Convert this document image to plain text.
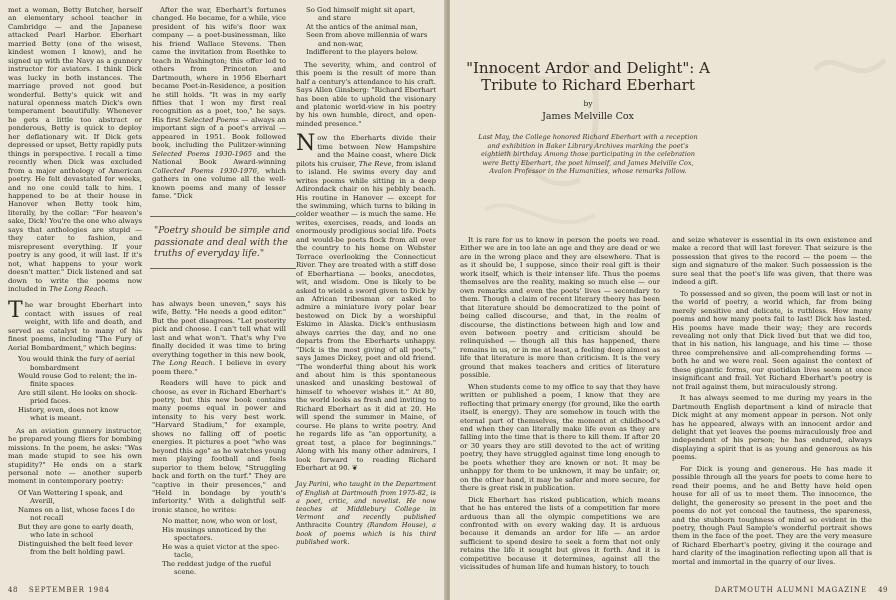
met a woman, Betty Butcher, herself an elementary school teacher in Cambridge — and the Japanese attacked Pearl Harbor. Eberhart married Betty (one of the wisest, kindest women I know), and he signed up with the Navy as a gunnery instructor for aviators. I think Dick was lucky in both instances. The marriage proved not good but wonderful. Betty's quick wit and natural openness match Dick's own temperament beautifully. Whenever he gets a little too abstract or ponderous, Betty is quick to deploy her deflationary wit. If Dick gets depressed or upset, Betty rapidly puts things in perspective. I recall a time recently when Dick was excluded from a major anthology of American poetry. He felt devastated for weeks, and no one could talk to him. I happened to be at their house in Hanover when Betty took him, literally, by the collar: "For heaven's sake, Dick! You're the one who always says that anthologies are stupid — they cater to fashion, and misrepresent everything. If your poetry is any good, it will last. If it's not, what happens to your work doesn't matter." Dick listened and sat down to write the poems now included in The Long Reach.

The war brought Eberhart into contact with issues of real weight, with life and death, and served as catalyst to many of his finest poems, including "The Fury of Aerial Bombardment," which begins:

You would think the fury of aerial
bombardment
Would rouse God to relent; the in-
finite spaces
Are still silent. He looks on shock-
pried faces.
History, even, does not know
what is meant.

As an aviation gunnery instructor, he prepared young fliers for bombing missions. In the poem, he asks: "Was man made stupid to see his own stupidity?" He ends on a stark personal note — another superb moment in contemporary poetry:

Of Van Wettering I speak, and
Averill,
Names on a list, whose faces I do
not recall
But they are gone to early death,
who late in school
Distinguished the belt feed lever
from the belt holding pawl.

After the war, Eberhart's fortunes changed. He became, for a while, vice president of his wife's floor wax company — a poet-businessman, like his friend Wallace Stevens. Then came the invitation from Roethke to teach in Washington; this offer led to others from Princeton and Dartmouth, where in 1956 Eberhart became Poet-in-Residence, a position he still holds. "It was in my early fifties that I won my first real recognition as a poet, too," he says. His first Selected Poems — always an important sign of a poet's arrival — appeared in 1951. Book followed book, including the Pulitzer-winning Selected Poems 1930-1965 and the National Book Award-winning Collected Poems 1930-1976, which gathers in one volume all the well-known poems and many of lesser fame. "Dick

"Poetry should be simple and passionate and deal with the truths of everyday life."

has always been uneven," says his wife, Betty. "He needs a good editor." But the poet disagrees. "Let posterity pick and choose. I can't tell what will last and what won't. That's why I've finally decided it was time to bring everything together in this new book, The Long Reach. I believe in every poem there."

Readers will have to pick and choose, as ever in Richard Eberhart's poetry, but this new book contains many poems equal in power and intensity to his very best work. "Harvard Stadium," for example, shows no falling off of poetic energies. It pictures a poet "who was beyond this age" as he watches young men playing football and feels superior to them below, "Struggling back and forth on the turf." They are "captive in their presences," and "Held in bondage by youth's inferiority." With a delightful self-ironic stance, he writes:

No matter, now, who won or lost,
His musings unnoticed by the
spectators.
He was a quiet victor at the spec-
tacle,
The reddest judge of the rueful
scene.
So God himself might sit apart,
and stare
At the antics of the animal man,
Seen from above millennia of wars
and non-war,
Indifferent to the players below.

The severity, whim, and control of this poem is the result of more than half a century's attendance to his craft. Says Allen Ginsberg: "Richard Eberhart has been able to uphold the visionary and platonic world-view in his poetry by his own humble, direct, and open-minded presence."

Now the Eberharts divide their time between New Hampshire and the Maine coast, where Dick pilots his cruiser, The Reve, from island to island. He swims every day and writes poems while sitting in a deep Adirondack chair on his pebbly beach. His routine in Hanover — except for the swimming, which turns to biking in colder weather — is much the same. He writes, exercises, reads, and loads an enormously prodigious social life. Poets and would-be poets flock from all over the country to his home on Webster Terrace overlooking the Connecticut River. They are treated with a stiff dose of Eberhartiana — books, anecdotes, wit, and wisdom. One is likely to be asked to wield a sword given to Dick by an African tribesman or asked to admire a miniature ivory polar bear bestowed on Dick by a worshipful Eskimo in Alaska. Dick's enthusiasm always carries the day, and no one departs from the Eberharts unhappy. "Dick is the most giving of all poets," says James Dickey, poet and old friend. "The wonderful thing about his work and about him is this spontaneous unasked and unasking bestowal of himself to whoever wishes it." At 80, the world looks as fresh and inviting to Richard Eberhart as it did at 20. He will spend the summer in Maine, of course. He plans to write poetry. And he regards life as "an opportunity, a great test, a place for beginnings." Along with his many other admirers, I look forward to reading Richard Eberhart at 90. ❦

Jay Parini, who taught in the Department of English at Dartmouth from 1975-82, is a poet, critic, and novelist. He now teaches at Middlebury College in Vermont and recently published Anthracite Country (Random House), a book of poems which is his third published work.

48 SEPTEMBER 1984
"Innocent Ardor and Delight": A Tribute to Richard Eberhart
by
James Melville Cox
Last May, the College honored Richard Eberhart with a reception and exhibition in Baker Library Archives marking the poet's eightieth birthday. Among those participating in the celebration were Betty Eberhart, the poet himself, and James Melville Cox, Avalon Professor in the Humanities, whose remarks follow.

It is rare for us to know in person the poets we read. Either we are in too late an age and they are dead or we are in the wrong place and they are elsewhere. That is as it should be, I suppose, since their real gift is their work itself, which is their intenser life. Thus the poems themselves are the reality, making so much else — our own remarks and even the poets' lives — secondary to them. Though a claim of recent literary theory has been that literature should be democratized to the point of being called discourse, and that, in the realm of discourse, the distinctions between high and low and even between poetry and criticism should be relinquished — though all this has happened, there remains in us, or in me at least, a feeling deep almost as life that literature is more than criticism. It is the very ground that makes teachers and critics of literature possible.

When students come to my office to say that they have written or published a poem, I know that they are reflecting that primary energy (for ground, like the earth itself, is energy). They are somehow in touch with the eternal part of themselves, the moment at childhood's end when they can literally make life even as they are falling into the time that is there to kill them. If after 20 or 30 years they are still devoted to the act of writing poetry, they have struggled against time long enough to be poets whether they are known or not. It may be unhappy for them to be unknown, it may be unfair; or, on the other hand, it may be safer and more secure, for there is great risk in publication.

Dick Eberhart has risked publication, which means that he has entered the lists of a competition far more arduous than all the olympic competitions we are confronted with on every waking day. It is arduous because it demands an ardor for life — an ardor sufficient to spend desire to seek a form that not only retains the life it sought but gives it forth. And it is competitive because it determines, against all the vicissitudes of human life and human history, to touch

and seize whatever is essential in its own existence and make a record that will last forever. That seizure is the possession that gives to the record — the poem — the sign and signature of the maker. Such possession is the sure seal that the poet's life was given, that there was indeed a gift.

To possessed and so given, the poem will last or not in the world of poetry, a world which, far from being merely sensitive and delicate, is ruthless. How many poems and how many poets fail to last! Dick has lasted. His poems have made their way; they are records revealing not only that Dick lived but that we did too, that in his nation, his language, and his time — those three comprehensive and all-comprehending forms — both he and we were real. Seen against the context of these gigantic forms, our quotidian lives seem at once insignificant and frail. Yet Richard Eberhart's poetry is not frail against them, but miraculously strong.

It has always seemed to me during my years in the Dartmouth English department a kind of miracle that Dick might at any moment appear in person. Not only has he appeared, always with an innocent ardor and delight that yet leaves the poems miraculously free and independent of his person; he has endured, always displaying a spirit that is as young and generous as his poems.

For Dick is young and generous. He has made it possible through all the years for poets to come here to read their poems, and he and Betty have held open house for all of us to meet them. The innocence, the delight, the generosity so present in the poet and the poems do not yet conceal the tautness, the spareness, and the stubborn toughness of mind so evident in the poetry, though Paul Sample's wonderful portrait shows them in the face of the poet. They are the very measure of Richard Eberhart's poetry, giving it the courage and hard clarity of the imagination reflecting upon all that is mortal and immortal in the quarry of our lives.

DARTMOUTH ALUMNI MAGAZINE 49
